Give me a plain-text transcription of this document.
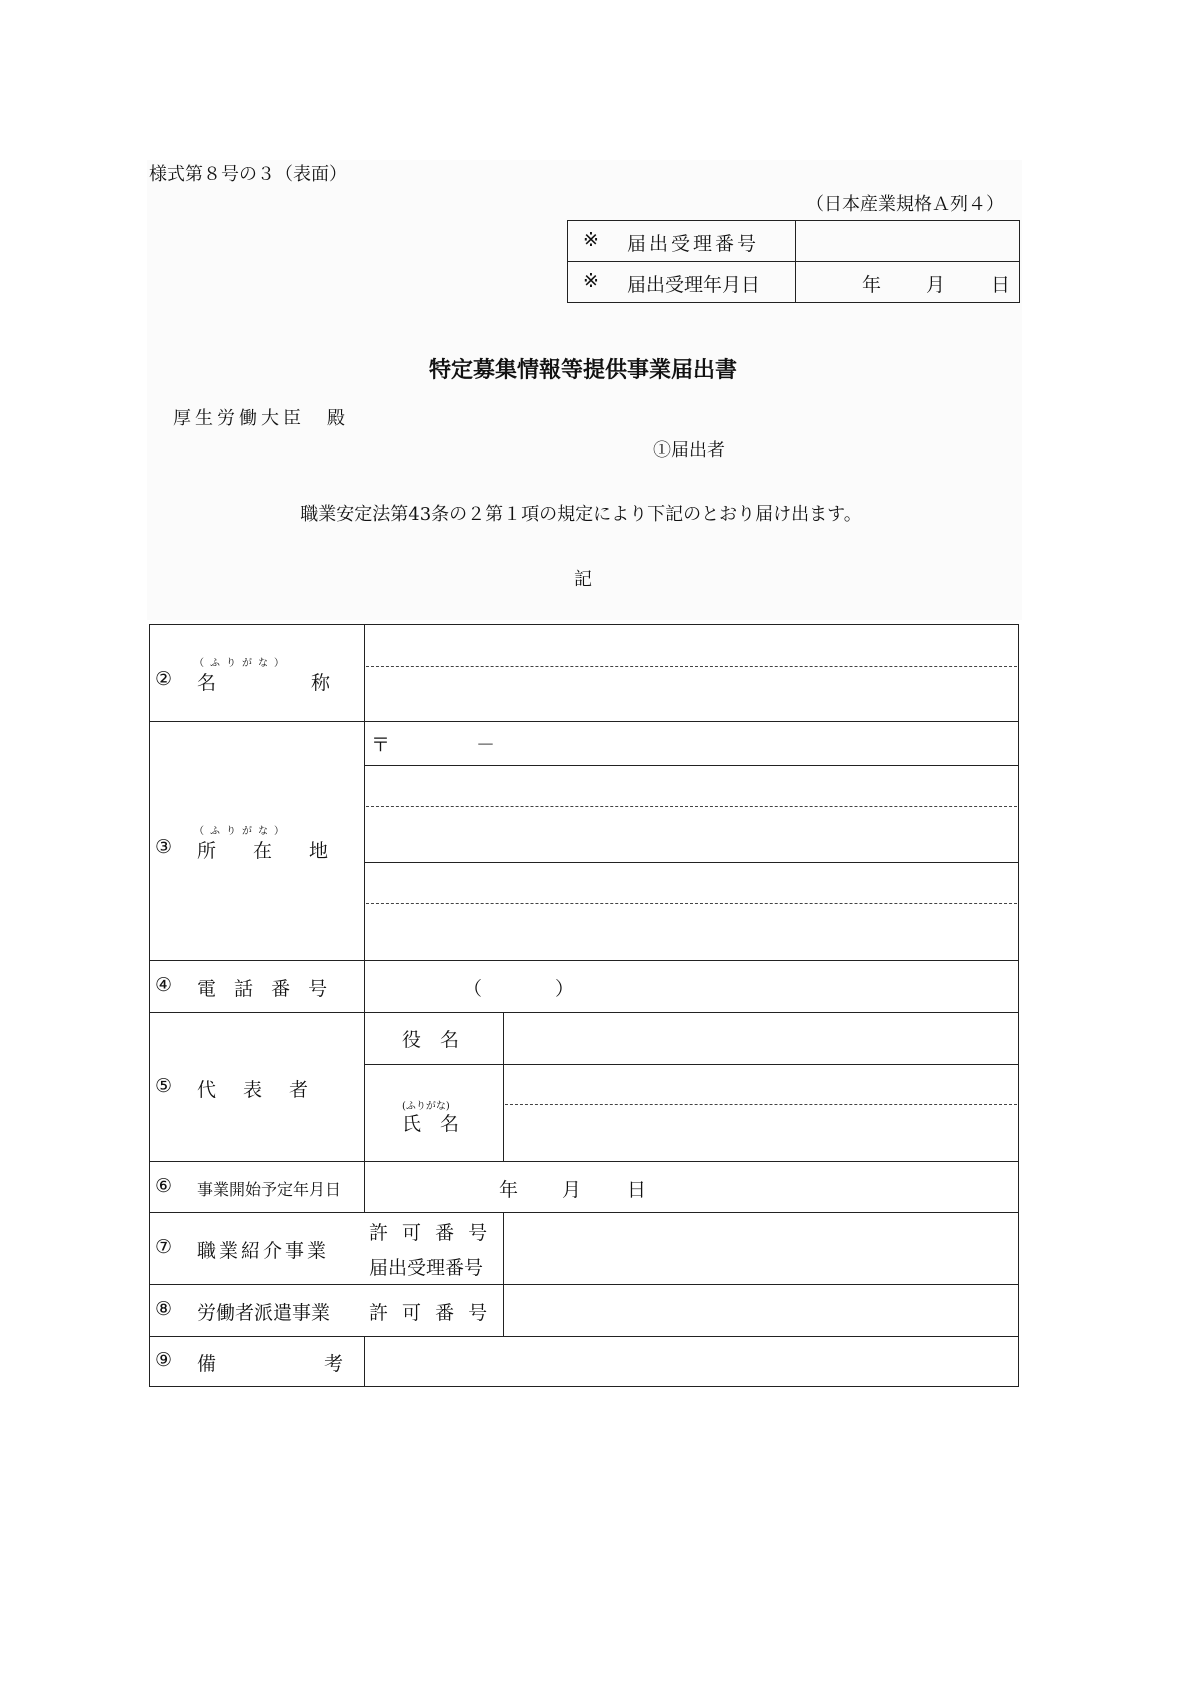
様式第８号の３（表面）
（日本産業規格Ａ列４）
※ 届出受理番号
※ 届出受理年月日	年 月 日
特定募集情報等提供事業届出書
厚生労働大臣　殿
①届出者
職業安定法第43条の２第１項の規定により下記のとおり届け出ます。
記
②
（ふりがな）
名	称
③
（ふりがな）
所 在 地
〒	－
④ 電 話 番 号	（	）
⑤ 代　表　者
役　名
(ふりがな)
氏　名
⑥ 事業開始予定年月日	年 月 日
⑦ 職業紹介事業
許 可 番 号
届出受理番号
⑧ 労働者派遣事業 許 可 番 号
⑨ 備	考
